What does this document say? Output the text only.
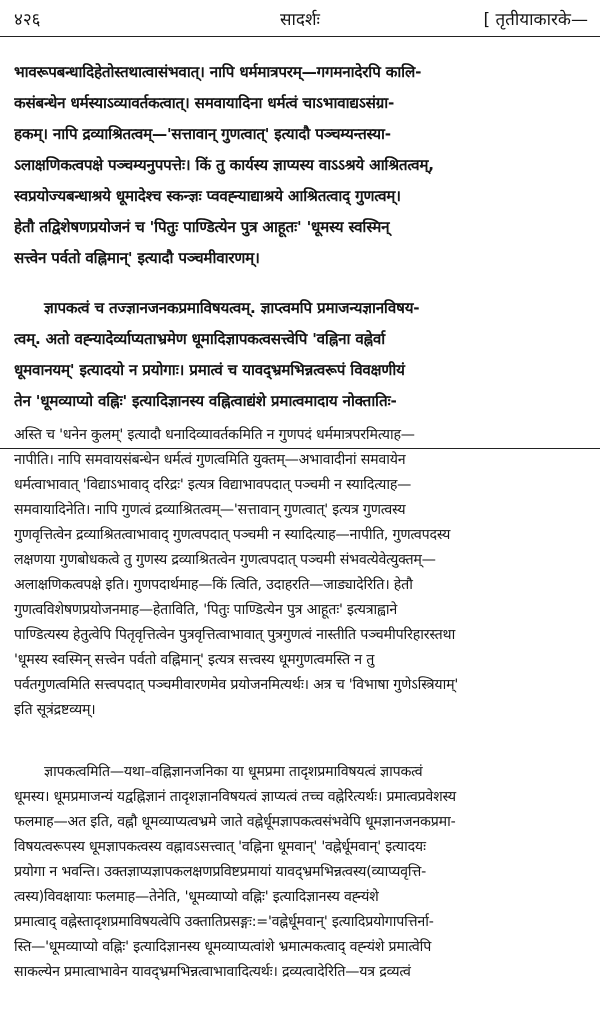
४२६	सादर्शः	[ तृतीयाकारके—
भावरूपबन्धादिहेतोस्तथात्वासंभवात्। नापि धर्ममात्रपरम्—गगमनादेरपि कालि-
कसंबन्धेन धर्मस्याऽव्यावर्तकत्वात्। समवायादिना धर्मत्वं चाऽभावाद्यऽसंग्रा-
हकम्। नापि द्रव्याश्रितत्वम्—'सत्तावान् गुणत्वात्' इत्यादौ पञ्चम्यन्तस्या-
ऽलाक्षणिकत्वपक्षे पञ्चम्यनुपपत्तेः। किं तु कार्यस्य ज्ञाप्यस्य वाऽऽश्रये आश्रितत्वम्,
स्वप्रयोज्यबन्धाश्रये धूमादेश्च स्कन्ज्ञः प्ववह्न्याद्याश्रये आश्रितत्वाद् गुणत्वम्।
हेतौ तद्विशेषणप्रयोजनं च 'पितुः पाण्डित्येन पुत्र आहूतः' 'धूमस्य स्वस्मिन्
सत्त्वेन पर्वतो वह्निमान्' इत्यादौ पञ्चमीवारणम्।
ज्ञापकत्वं च तज्ज्ञानजनकप्रमाविषयत्वम्. ज्ञाप्त्वमपि प्रमाजन्यज्ञानविषय-
त्वम्. अतो वह्न्यादेर्व्याप्यताभ्रमेण धूमादिज्ञापकत्वसत्त्वेपि 'वह्निना वह्नेर्वा
धूमवानयम्' इत्यादयो न प्रयोगाः। प्रमात्वं च यावद्भ्रमभिन्नत्वरूपं विवक्षणीयं
तेन 'धूमव्याप्यो वह्निः' इत्यादिज्ञानस्य वह्नित्वाद्यंशे प्रमात्वमादाय नोक्तातिः-
अस्ति च 'धनेन कुलम्' इत्यादौ धनादिव्यावर्तकमिति न गुणपदं धर्ममात्रपरमित्याह—
नापीति। नापि समवायसंबन्धेन धर्मत्वं गुणत्वमिति युक्तम्—अभावादीनां समवायेन
धर्मत्वाभावात् 'विद्याऽभावाद् दरिद्रः' इत्यत्र विद्याभावपदात् पञ्चमी न स्यादित्याह—
समवायादिनेति। नापि गुणत्वं द्रव्याश्रितत्वम्—'सत्तावान् गुणत्वात्' इत्यत्र गुणत्वस्य
गुणवृत्तित्वेन द्रव्याश्रितत्वाभावाद् गुणत्वपदात् पञ्चमी न स्यादित्याह—नापीति, गुणत्वपदस्य
लक्षणया गुणबोधकत्वे तु गुणस्य द्रव्याश्रितत्वेन गुणत्वपदात् पञ्चमी संभवत्येवेत्युक्तम्—
अलाक्षणिकत्वपक्षे इति। गुणपदार्थमाह—किं त्विति, उदाहरति—जाड्यादेरिति। हेतौ
गुणत्वविशेषणप्रयोजनमाह—हेताविति, 'पितुः पाण्डित्येन पुत्र आहूतः' इत्यत्राह्वाने
पाण्डित्यस्य हेतुत्वेपि पितृवृत्तित्वेन पुत्रवृत्तित्वाभावात् पुत्रगुणत्वं नास्तीति पञ्चमीपरिहारस्तथा
'धूमस्य स्वस्मिन् सत्त्वेन पर्वतो वह्निमान्' इत्यत्र सत्त्वस्य धूमगुणत्वमस्ति न तु
पर्वतगुणत्वमिति सत्त्वपदात् पञ्चमीवारणमेव प्रयोजनमित्यर्थः। अत्र च 'विभाषा गुणेऽस्त्रियाम्'
इति सूत्रंद्रष्टव्यम्।
ज्ञापकत्वमिति—यथा–वह्निज्ञानजनिका या धूमप्रमा तादृशप्रमाविषयत्वं ज्ञापकत्वं
धूमस्य। धूमप्रमाजन्यं यद्वह्निज्ञानं तादृशज्ञानविषयत्वं ज्ञाप्यत्वं तच्च वह्नेरित्यर्थः। प्रमात्वप्रवेशस्य
फलमाह—अत इति, वह्नौ धूमव्याप्यत्वभ्रमे जाते वह्नेर्धूमज्ञापकत्वसंभवेपि धूमज्ञानजनकप्रमा-
विषयत्वरूपस्य धूमज्ञापकत्वस्य वह्नावऽसत्त्वात् 'वह्निना धूमवान्' 'वह्नेर्धूमवान्' इत्यादयः
प्रयोगा न भवन्ति। उक्तज्ञाप्यज्ञापकलक्षणप्रविष्टप्रमायां यावद्भ्रमभिन्नत्वस्य(व्याप्यवृत्ति-
त्वस्य)विवक्षायाः फलमाह—तेनेति, 'धूमव्याप्यो वह्निः' इत्यादिज्ञानस्य वह्न्यंशे
प्रमात्वाद् वह्नेस्तादृशप्रमाविषयत्वेपि उक्तातिप्रसङ्गः:='वह्नेर्धूमवान्' इत्यादिप्रयोगापत्तिर्ना-
स्ति—'धूमव्याप्यो वह्निः' इत्यादिज्ञानस्य धूमव्याप्यत्वांशे भ्रमात्मकत्वाद् वह्न्यंशे प्रमात्वेपि
साकल्येन प्रमात्वाभावेन यावद्भ्रमभिन्नत्वाभावादित्यर्थः। द्रव्यत्वादेरिति—यत्र द्रव्यत्वं
